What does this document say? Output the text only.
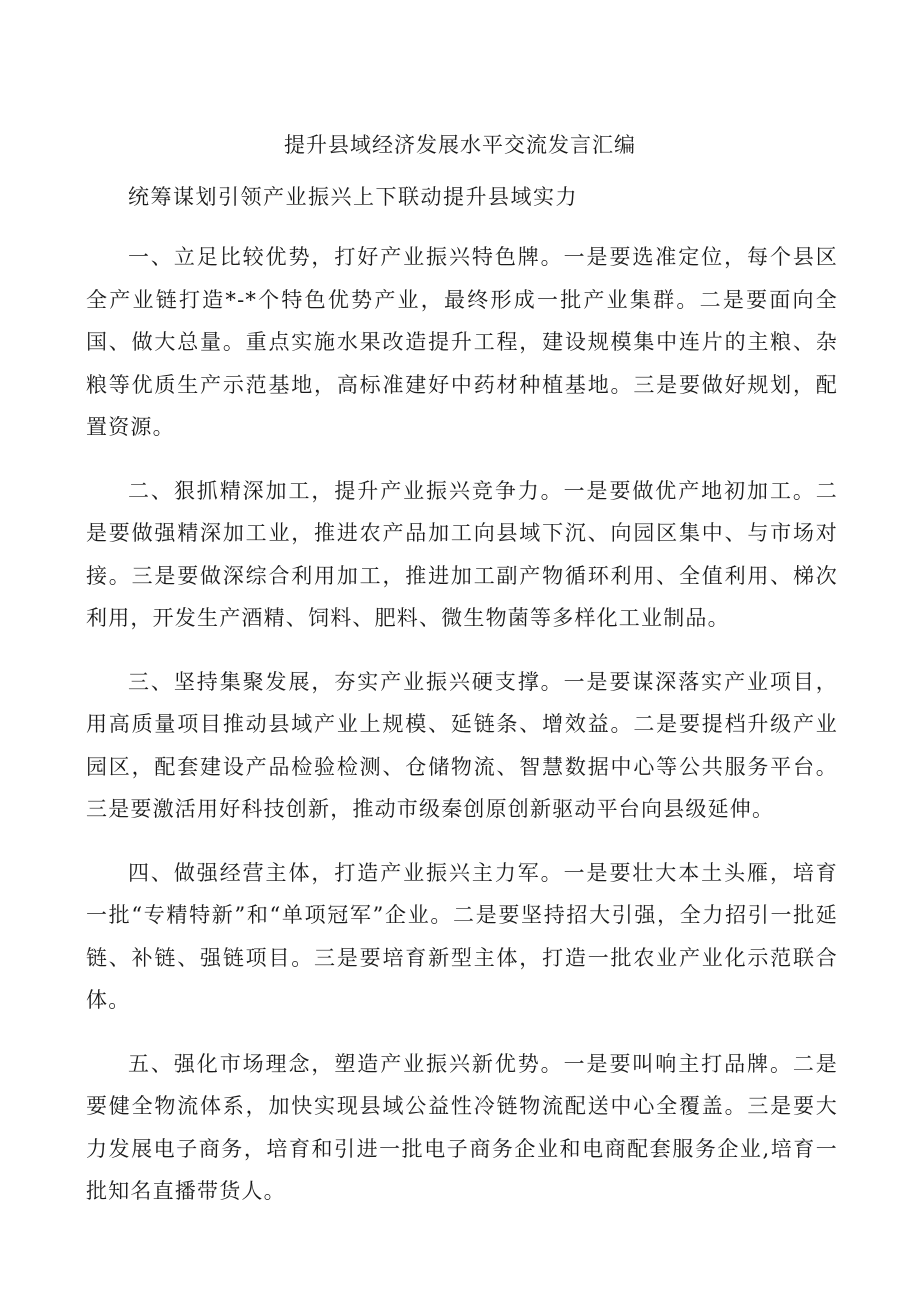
提升县域经济发展水平交流发言汇编
统筹谋划引领产业振兴上下联动提升县域实力

一、立足比较优势，打好产业振兴特色牌。一是要选准定位，每个县区全产业链打造*-*个特色优势产业，最终形成一批产业集群。二是要面向全国、做大总量。重点实施水果改造提升工程，建设规模集中连片的主粮、杂粮等优质生产示范基地，高标准建好中药材种植基地。三是要做好规划，配置资源。

二、狠抓精深加工，提升产业振兴竞争力。一是要做优产地初加工。二是要做强精深加工业，推进农产品加工向县域下沉、向园区集中、与市场对接。三是要做深综合利用加工，推进加工副产物循环利用、全值利用、梯次利用，开发生产酒精、饲料、肥料、微生物菌等多样化工业制品。

三、坚持集聚发展，夯实产业振兴硬支撑。一是要谋深落实产业项目，用高质量项目推动县域产业上规模、延链条、增效益。二是要提档升级产业园区，配套建设产品检验检测、仓储物流、智慧数据中心等公共服务平台。三是要激活用好科技创新，推动市级秦创原创新驱动平台向县级延伸。

四、做强经营主体，打造产业振兴主力军。一是要壮大本土头雁，培育一批“专精特新”和“单项冠军”企业。二是要坚持招大引强，全力招引一批延链、补链、强链项目。三是要培育新型主体，打造一批农业产业化示范联合体。

五、强化市场理念，塑造产业振兴新优势。一是要叫响主打品牌。二是要健全物流体系，加快实现县域公益性冷链物流配送中心全覆盖。三是要大力发展电子商务，培育和引进一批电子商务企业和电商配套服务企业,培育一批知名直播带货人。
